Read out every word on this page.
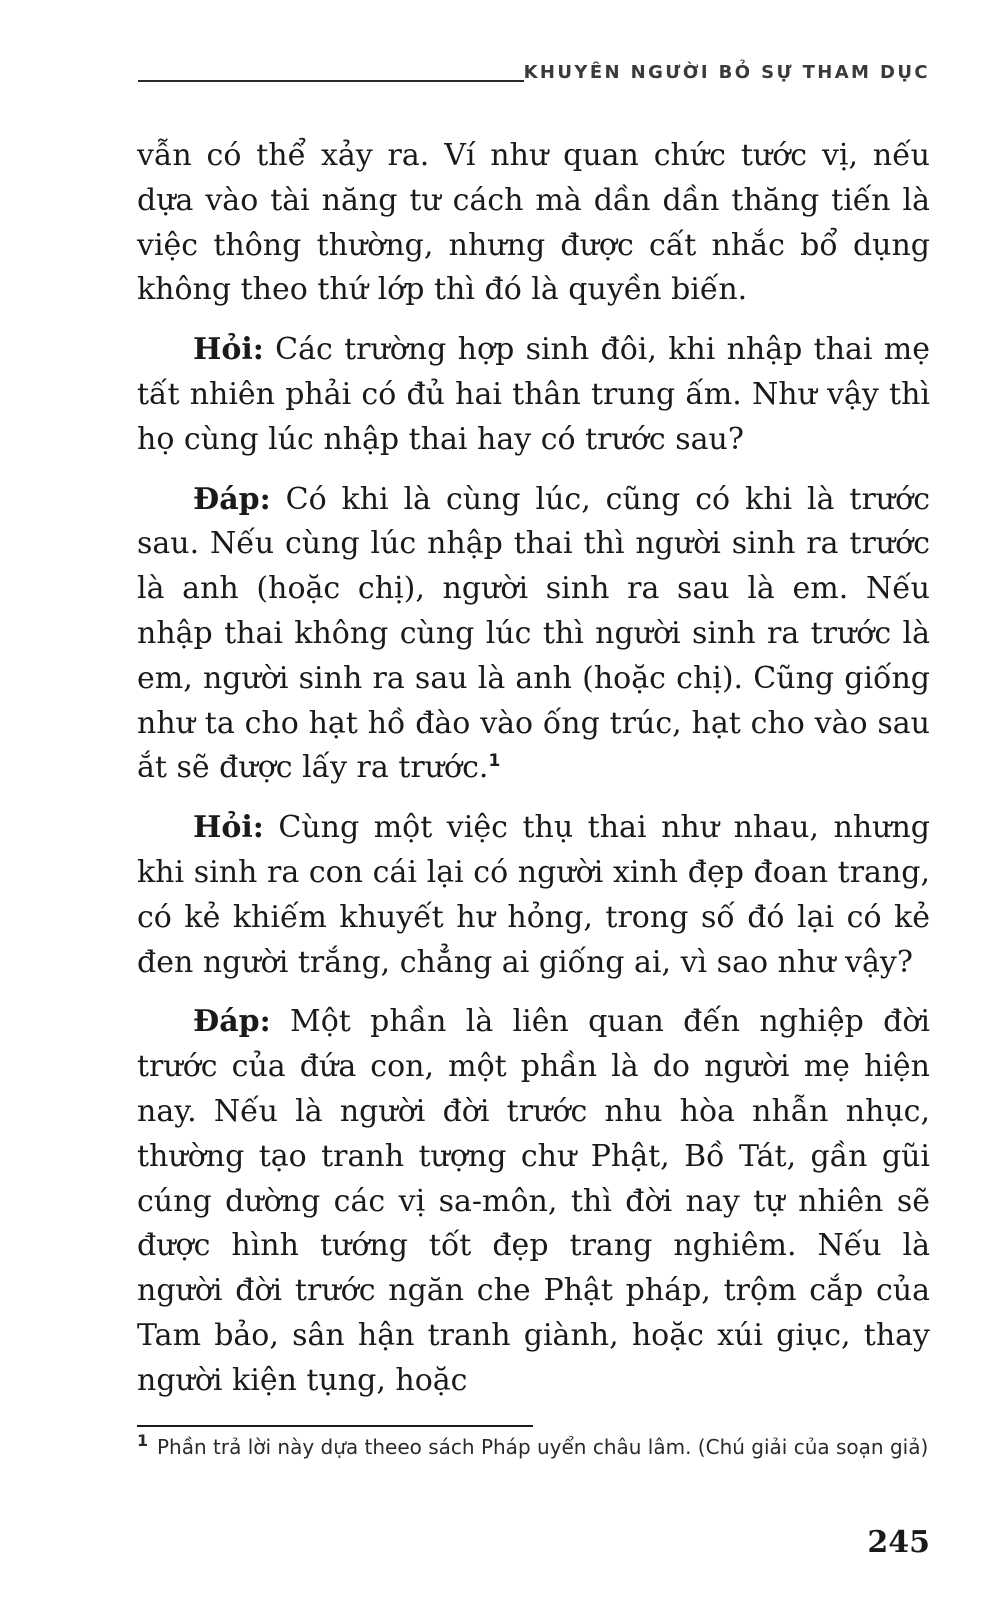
KHUYÊN NGƯỜI BỎ SỰ THAM DỤC

vẫn có thể xảy ra. Ví như quan chức tước vị, nếu dựa vào tài năng tư cách mà dần dần thăng tiến là việc thông thường, nhưng được cất nhắc bổ dụng không theo thứ lớp thì đó là quyền biến.

Hỏi: Các trường hợp sinh đôi, khi nhập thai mẹ tất nhiên phải có đủ hai thân trung ấm. Như vậy thì họ cùng lúc nhập thai hay có trước sau?

Đáp: Có khi là cùng lúc, cũng có khi là trước sau. Nếu cùng lúc nhập thai thì người sinh ra trước là anh (hoặc chị), người sinh ra sau là em. Nếu nhập thai không cùng lúc thì người sinh ra trước là em, người sinh ra sau là anh (hoặc chị). Cũng giống như ta cho hạt hồ đào vào ống trúc, hạt cho vào sau ắt sẽ được lấy ra trước.$^1$

Hỏi: Cùng một việc thụ thai như nhau, nhưng khi sinh ra con cái lại có người xinh đẹp đoan trang, có kẻ khiếm khuyết hư hỏng, trong số đó lại có kẻ đen người trắng, chẳng ai giống ai, vì sao như vậy?

Đáp: Một phần là liên quan đến nghiệp đời trước của đứa con, một phần là do người mẹ hiện nay. Nếu là người đời trước nhu hòa nhẫn nhục, thường tạo tranh tượng chư Phật, Bồ Tát, gần gũi cúng dường các vị sa-môn, thì đời nay tự nhiên sẽ được hình tướng tốt đẹp trang nghiêm. Nếu là người đời trước ngăn che Phật pháp, trộm cắp của Tam bảo, sân hận tranh giành, hoặc xúi giục, thay người kiện tụng, hoặc

1 Phần trả lời này dựa theeo sách Pháp uyển châu lâm. (Chú giải của soạn giả)
245
